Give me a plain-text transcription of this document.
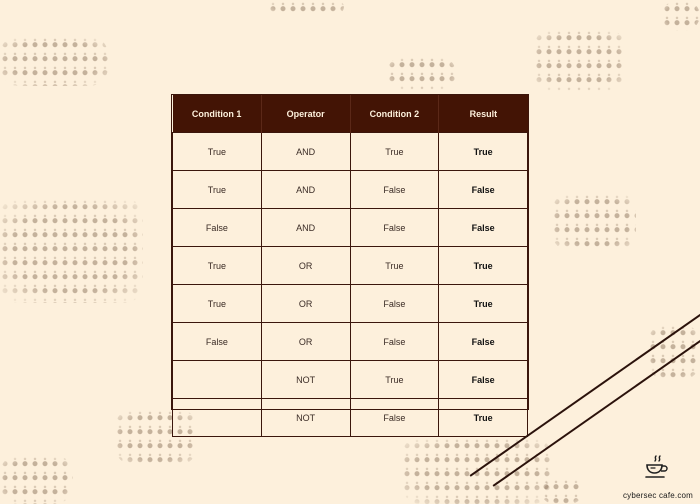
Condition 1	Operator	Condition 2	Result
True	AND	True	True
True	AND	False	False
False	AND	False	False
True	OR	True	True
True	OR	False	True
False	OR	False	False
	NOT	True	False
	NOT	False	True
cybersec cafe.com
